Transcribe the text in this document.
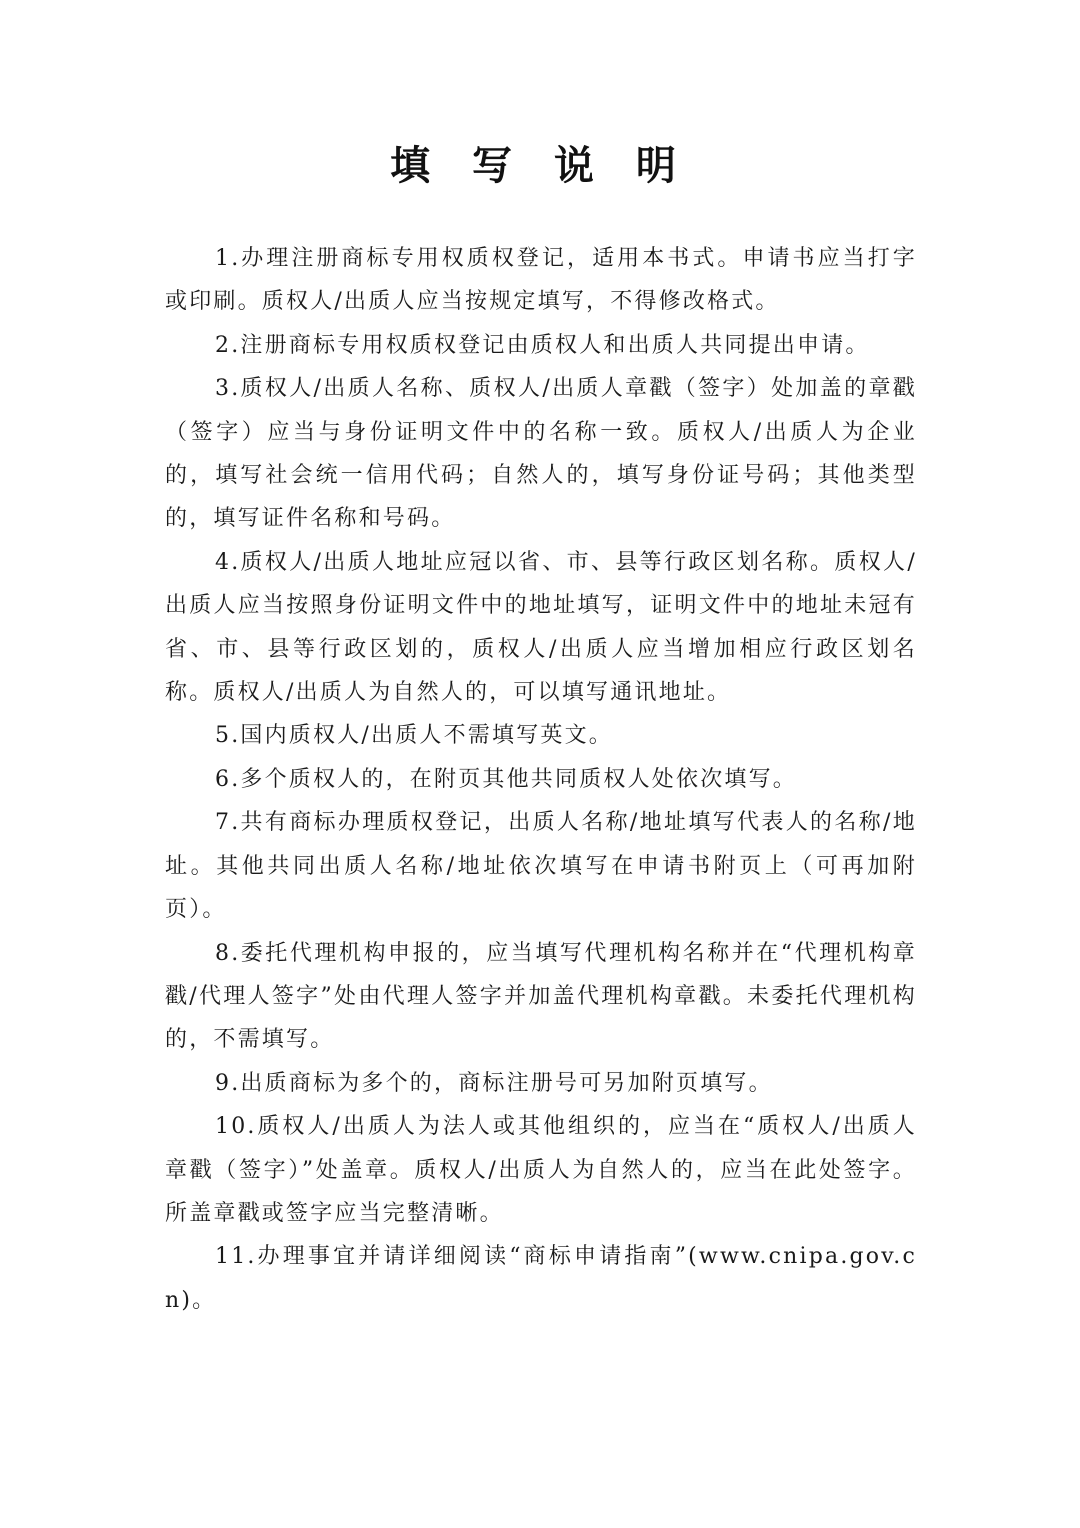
填 写 说 明

1.办理注册商标专用权质权登记，适用本书式。申请书应当打字或印刷。质权人/出质人应当按规定填写，不得修改格式。

2.注册商标专用权质权登记由质权人和出质人共同提出申请。

3.质权人/出质人名称、质权人/出质人章戳（签字）处加盖的章戳（签字）应当与身份证明文件中的名称一致。质权人/出质人为企业的，填写社会统一信用代码；自然人的，填写身份证号码；其他类型的，填写证件名称和号码。

4.质权人/出质人地址应冠以省、市、县等行政区划名称。质权人/出质人应当按照身份证明文件中的地址填写，证明文件中的地址未冠有省、市、县等行政区划的，质权人/出质人应当增加相应行政区划名称。质权人/出质人为自然人的，可以填写通讯地址。

5.国内质权人/出质人不需填写英文。

6.多个质权人的，在附页其他共同质权人处依次填写。

7.共有商标办理质权登记，出质人名称/地址填写代表人的名称/地址。其他共同出质人名称/地址依次填写在申请书附页上（可再加附页）。

8.委托代理机构申报的，应当填写代理机构名称并在“代理机构章戳/代理人签字”处由代理人签字并加盖代理机构章戳。未委托代理机构的，不需填写。

9.出质商标为多个的，商标注册号可另加附页填写。

10.质权人/出质人为法人或其他组织的，应当在“质权人/出质人章戳（签字）”处盖章。质权人/出质人为自然人的，应当在此处签字。所盖章戳或签字应当完整清晰。

11.办理事宜并请详细阅读“商标申请指南”(www.cnipa.gov.cn)。
